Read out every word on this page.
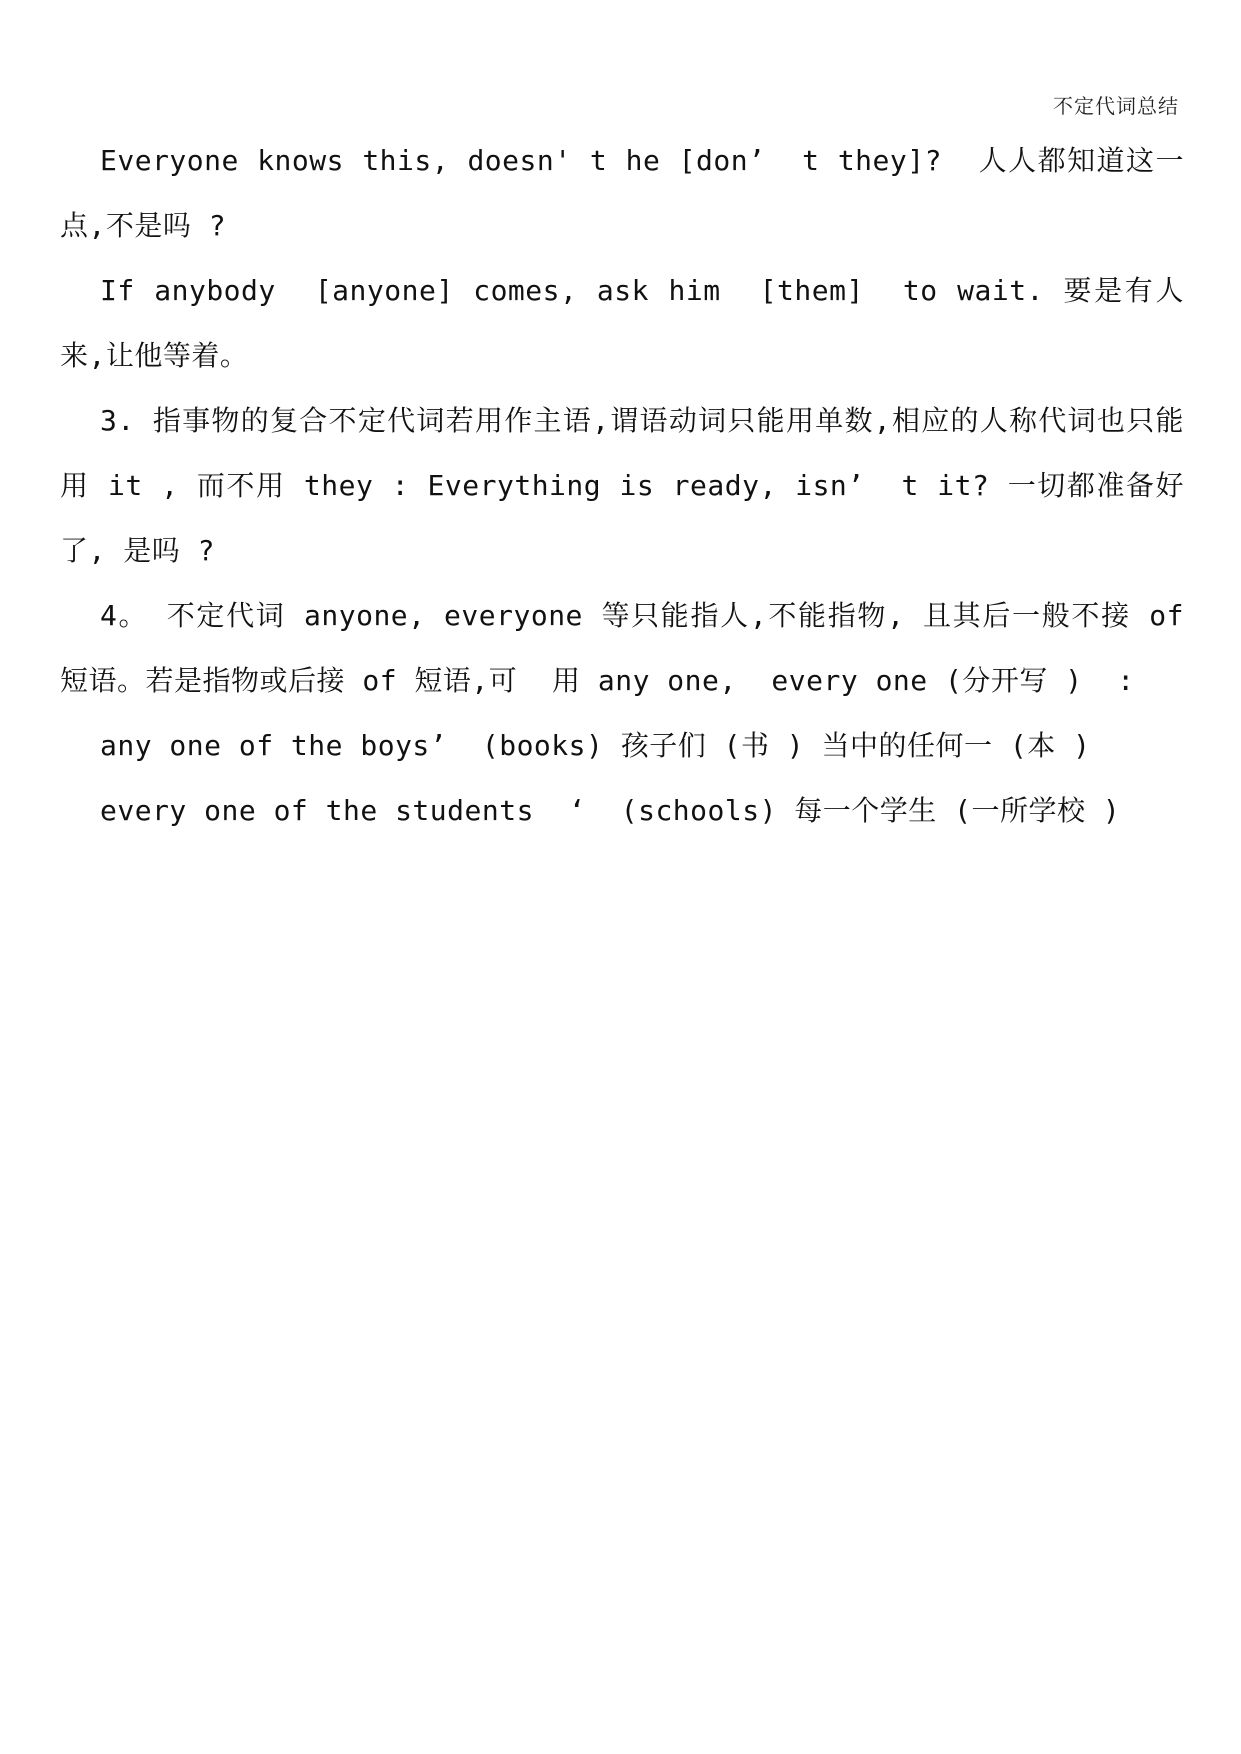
不定代词总结

Everyone knows this, doesn' t he [don’  t they]?  人人都知道这一点,不是吗 ?

If anybody  [anyone] comes, ask him  [them]  to wait. 要是有人来,让他等着。

3. 指事物的复合不定代词若用作主语,谓语动词只能用单数,相应的人称代词也只能用 it , 而不用 they : Everything is ready, isn’  t it? 一切都准备好了, 是吗 ?

4。 不定代词 anyone, everyone 等只能指人,不能指物, 且其后一般不接 of 短语。若是指物或后接 of 短语,可  用 any one,  every one (分开写 )  :

any one of the boys’  (books) 孩子们 (书 ) 当中的任何一 (本 )

every one of the students  ‘  (schools) 每一个学生 (一所学校 )
